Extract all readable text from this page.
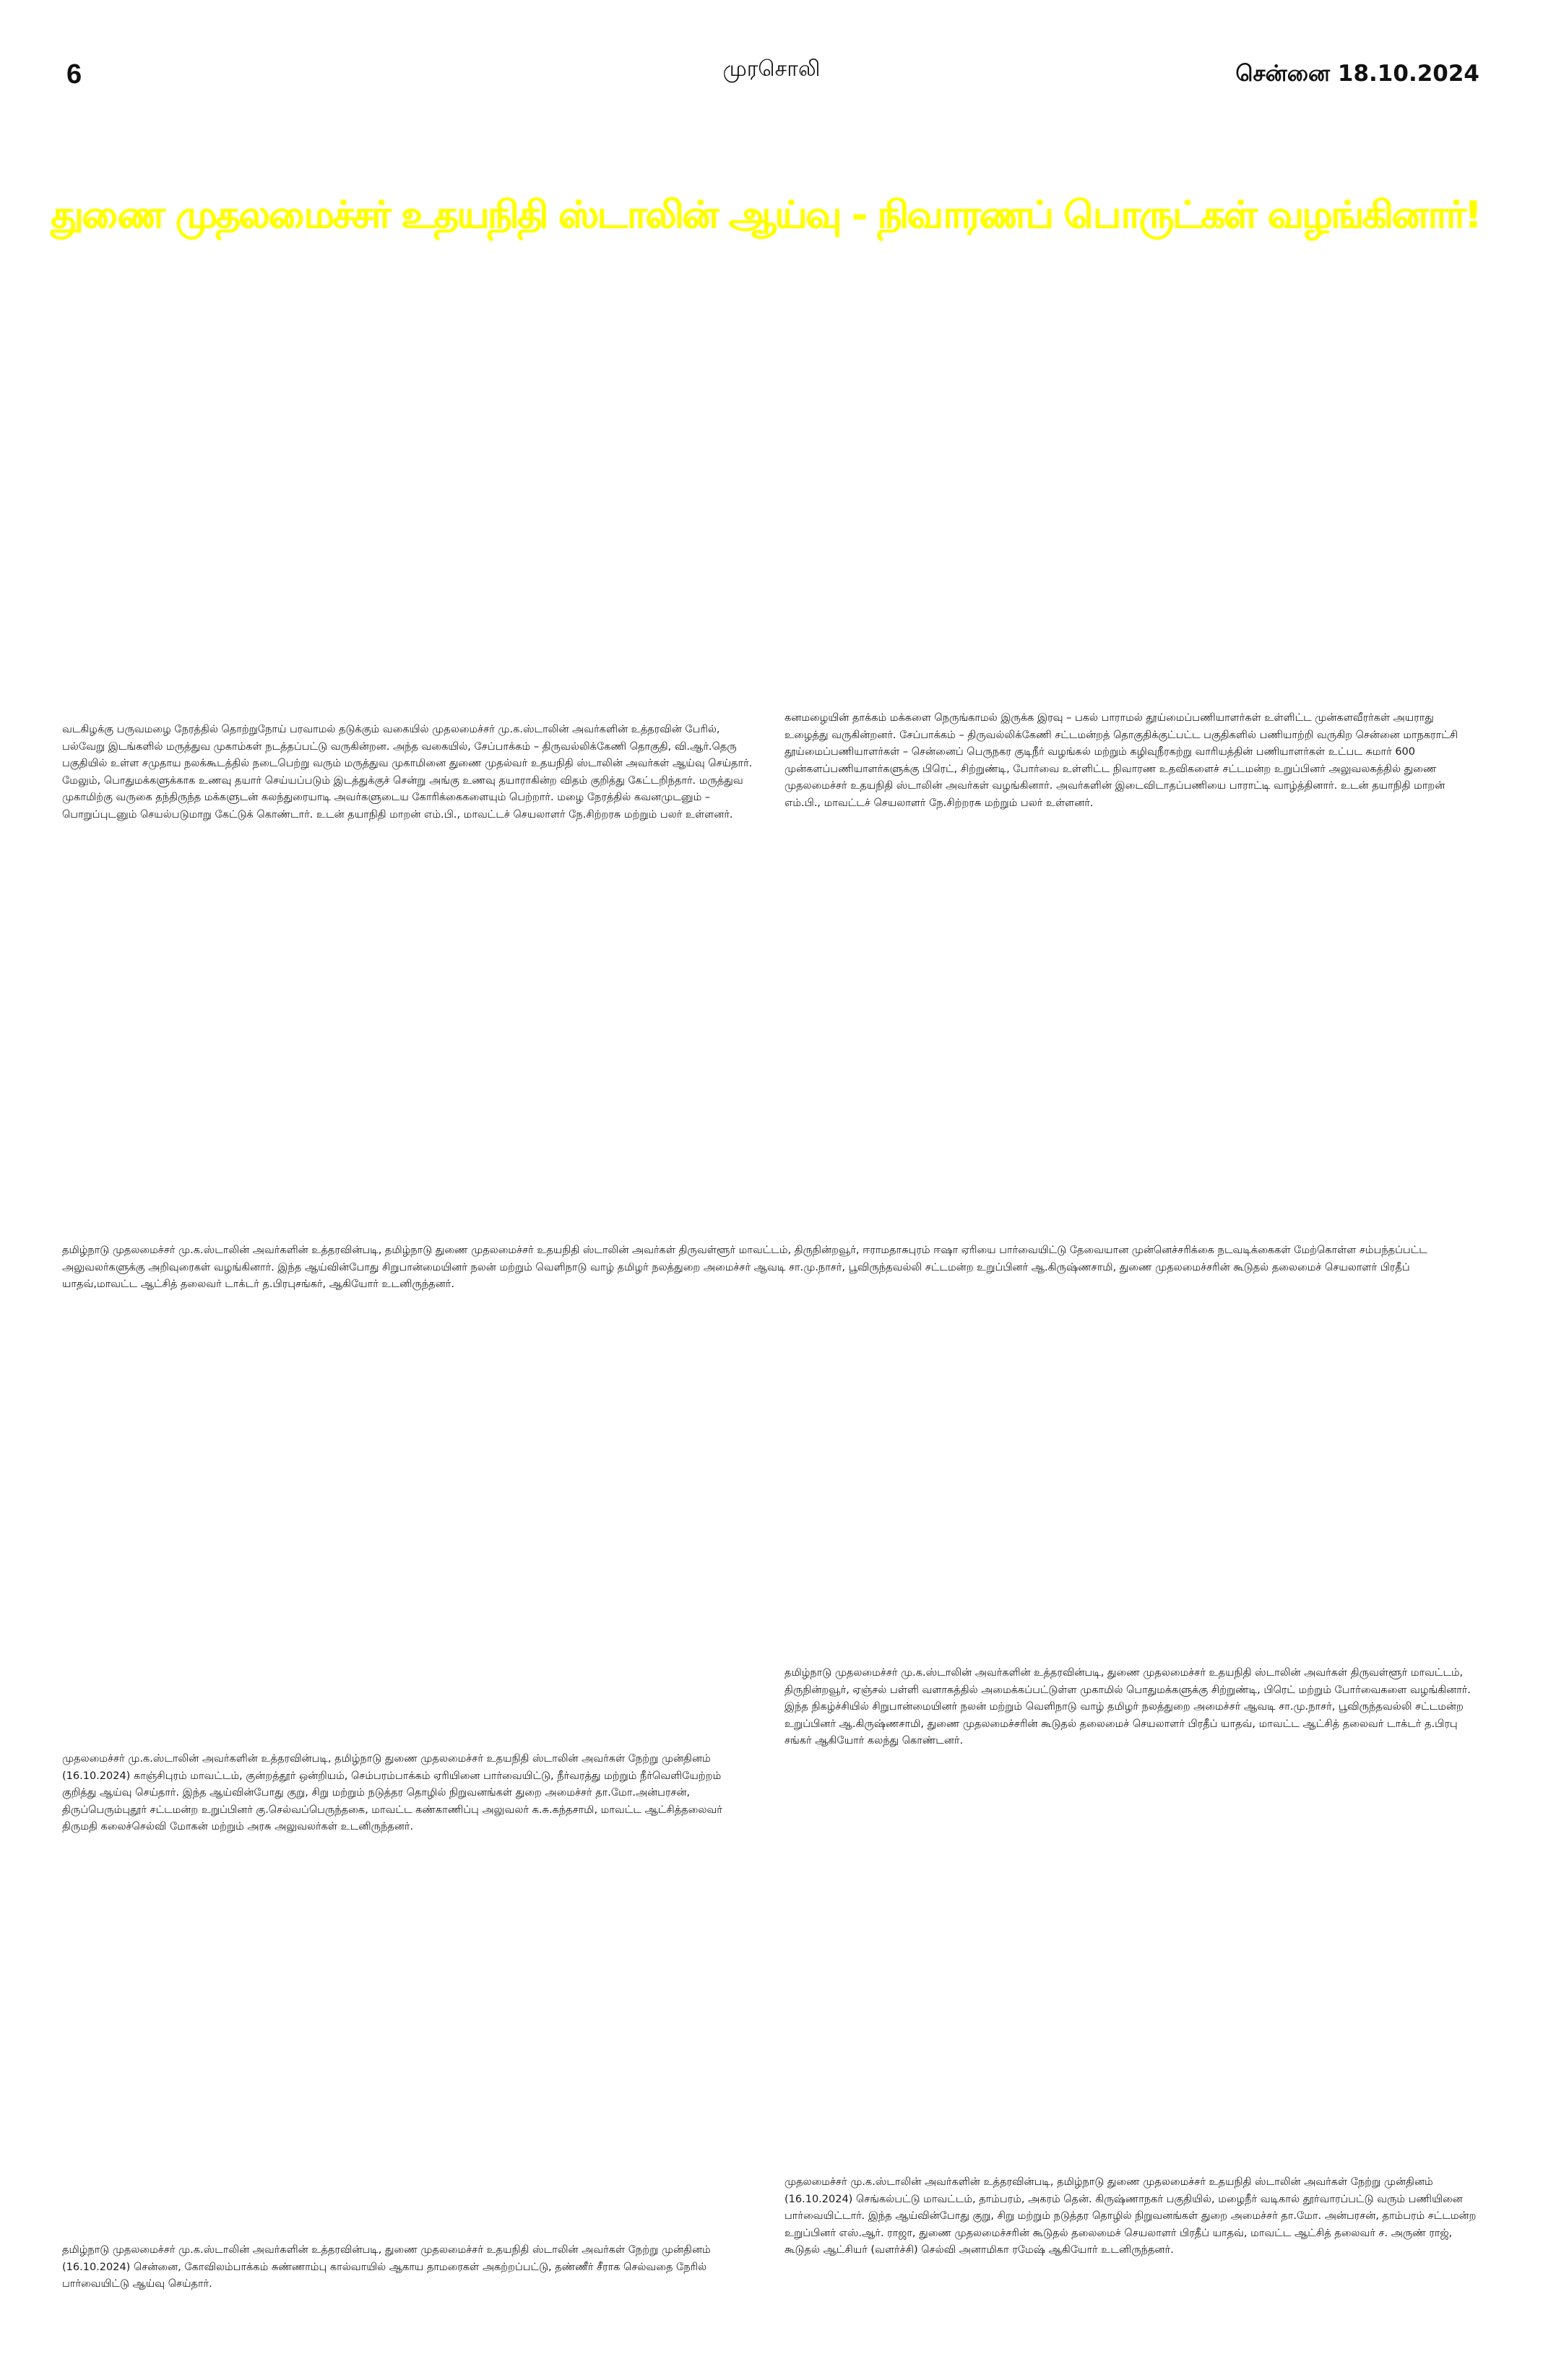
6	முரசொலி	சென்னை 18.10.2024
துணை முதலமைச்சர் உதயநிதி ஸ்டாலின் ஆய்வு - நிவாரணப் பொருட்கள் வழங்கினார்!

வடகிழக்கு பருவமழை நேரத்தில் தொற்றுநோய் பரவாமல் தடுக்கும் வகையில் முதலமைச்சர் மு.க.ஸ்டாலின் அவர்களின் உத்தரவின் பேரில், பல்வேறு இடங்களில் மருத்துவ முகாம்கள் நடத்தப்பட்டு வருகின்றன. அந்த வகையில், சேப்பாக்கம் – திருவல்லிக்கேணி தொகுதி, வி.ஆர்.தெரு பகுதியில் உள்ள சமுதாய நலக்கூடத்தில் நடைபெற்று வரும் மருத்துவ முகாமினை துணை முதல்வர் உதயநிதி ஸ்டாலின் அவர்கள் ஆய்வு செய்தார். மேலும், பொதுமக்களுக்காக உணவு தயார் செய்யப்படும் இடத்துக்குச் சென்று அங்கு உணவு தயாராகின்ற விதம் குறித்து கேட்டறிந்தார். மருத்துவ முகாமிற்கு வருகை தந்திருந்த மக்களுடன் கலந்துரையாடி அவர்களுடைய கோரிக்கைகளையும் பெற்றார். மழை நேரத்தில் கவனமுடனும் – பொறுப்புடனும் செயல்படுமாறு கேட்டுக் கொண்டார். உடன் தயாநிதி மாறன் எம்.பி., மாவட்டச் செயலாளர் நே.சிற்றரசு மற்றும் பலர் உள்ளனர்.

கனமழையின் தாக்கம் மக்களை நெருங்காமல் இருக்க இரவு – பகல் பாராமல் தூய்மைப்பணியாளர்கள் உள்ளிட்ட முன்களவீரர்கள் அயராது உழைத்து வருகின்றனர். சேப்பாக்கம் – திருவல்லிக்கேணி சட்டமன்றத் தொகுதிக்குட்பட்ட பகுதிகளில் பணியாற்றி வருகிற சென்னை மாநகராட்சி தூய்மைப்பணியாளர்கள் – சென்னைப் பெருநகர குடிநீர் வழங்கல் மற்றும் கழிவுநீரகற்று வாரியத்தின் பணியாளர்கள் உட்பட சுமார் 600 முன்களப்பணியாளர்களுக்கு பிரெட், சிற்றுண்டி, போர்வை உள்ளிட்ட நிவாரண உதவிகளைச் சட்டமன்ற உறுப்பினர் அலுவலகத்தில் துணை முதலமைச்சர் உதயநிதி ஸ்டாலின் அவர்கள் வழங்கினார். அவர்களின் இடைவிடாதப்பணியை பாராட்டி வாழ்த்தினார். உடன் தயாநிதி மாறன் எம்.பி., மாவட்டச் செயலாளர் நே.சிற்றரசு மற்றும் பலர் உள்ளனர்.

தமிழ்நாடு முதலமைச்சர் மு.க.ஸ்டாலின் அவர்களின் உத்தரவின்படி, தமிழ்நாடு துணை முதலமைச்சர் உதயநிதி ஸ்டாலின் அவர்கள் திருவள்ளூர் மாவட்டம், திருநின்றவூர், ஈராமதாசுபுரம் ஈஷா ஏரியை பார்வையிட்டு தேவையான முன்னெச்சரிக்கை நடவடிக்கைகள் மேற்கொள்ள சம்பந்தப்பட்ட அலுவலர்களுக்கு அறிவுரைகள் வழங்கினார். இந்த ஆய்வின்போது சிறுபான்மையினர் நலன் மற்றும் வெளிநாடு வாழ் தமிழர் நலத்துறை அமைச்சர் ஆவடி சா.மு.நாசர், பூவிருந்தவல்லி சட்டமன்ற உறுப்பினர் ஆ.கிருஷ்ணசாமி, துணை முதலமைச்சரின் கூடுதல் தலைமைச் செயலாளர் பிரதீப் யாதவ்,மாவட்ட ஆட்சித் தலைவர் டாக்டர் த.பிரபுசங்கர், ஆகியோர் உடனிருந்தனர்.

தமிழ்நாடு முதலமைச்சர் மு.க.ஸ்டாலின் அவர்களின் உத்தரவின்படி, துணை முதலமைச்சர் உதயநிதி ஸ்டாலின் அவர்கள் திருவள்ளூர் மாவட்டம், திருநின்றவூர், ஏஞ்சல் பள்ளி வளாகத்தில் அமைக்கப்பட்டுள்ள முகாமில் பொதுமக்களுக்கு சிற்றுண்டி, பிரெட் மற்றும் போர்வைகளை வழங்கினார். இந்த நிகழ்ச்சியில் சிறுபான்மையினர் நலன் மற்றும் வெளிநாடு வாழ் தமிழர் நலத்துறை அமைச்சர் ஆவடி சா.மு.நாசர், பூவிருந்தவல்லி சட்டமன்ற உறுப்பினர் ஆ.கிருஷ்ணசாமி, துணை முதலமைச்சரின் கூடுதல் தலைமைச் செயலாளர் பிரதீப் யாதவ், மாவட்ட ஆட்சித் தலைவர் டாக்டர் த.பிரபு சங்கர் ஆகியோர் கலந்து கொண்டனர்.

முதலமைச்சர் மு.க.ஸ்டாலின் அவர்களின் உத்தரவின்படி, தமிழ்நாடு துணை முதலமைச்சர் உதயநிதி ஸ்டாலின் அவர்கள் நேற்று முன்தினம் (16.10.2024) காஞ்சிபுரம் மாவட்டம், குன்றத்தூர் ஒன்றியம், செம்பரம்பாக்கம் ஏரியினை பார்வையிட்டு, நீர்வரத்து மற்றும் நீர்வெளியேற்றம் குறித்து ஆய்வு செய்தார். இந்த ஆய்வின்போது குறு, சிறு மற்றும் நடுத்தர தொழில் நிறுவனங்கள் துறை அமைச்சர் தா.மோ.அன்பரசன், திருப்பெரும்புதூர் சட்டமன்ற உறுப்பினர் கு.செல்வப்பெருந்தகை, மாவட்ட கண்காணிப்பு அலுவலர் க.சு.கந்தசாமி, மாவட்ட ஆட்சித்தலைவர் திருமதி கலைச்செல்வி மோகன் மற்றும் அரசு அலுவலர்கள் உடனிருந்தனர்.

முதலமைச்சர் மு.க.ஸ்டாலின் அவர்களின் உத்தரவின்படி, தமிழ்நாடு துணை முதலமைச்சர் உதயநிதி ஸ்டாலின் அவர்கள் நேற்று முன்தினம் (16.10.2024) செங்கல்பட்டு மாவட்டம், தாம்பரம், அகரம் தென். கிருஷ்ணாநகர் பகுதியில், மழைநீர் வடிகால் தூர்வாரப்பட்டு வரும் பணியினை பார்வையிட்டார். இந்த ஆய்வின்போது குறு, சிறு மற்றும் நடுத்தர தொழில் நிறுவனங்கள் துறை அமைச்சர் தா.மோ. அன்பரசன், தாம்பரம் சட்டமன்ற உறுப்பினர் எஸ்.ஆர். ராஜா, துணை முதலமைச்சரின் கூடுதல் தலைமைச் செயலாளர் பிரதீப் யாதவ், மாவட்ட ஆட்சித் தலைவர் ச. அருண் ராஜ், கூடுதல் ஆட்சியர் (வளர்ச்சி) செல்வி அனாமிகா ரமேஷ் ஆகியோர் உடனிருந்தனர்.

தமிழ்நாடு முதலமைச்சர் மு.க.ஸ்டாலின் அவர்களின் உத்தரவின்படி, துணை முதலமைச்சர் உதயநிதி ஸ்டாலின் அவர்கள் நேற்று முன்தினம் (16.10.2024) சென்னை, கோவிலம்பாக்கம் சுண்ணாம்பு கால்வாயில் ஆகாய தாமரைகள் அகற்றப்பட்டு, தண்ணீர் சீராக செல்வதை நேரில் பார்வையிட்டு ஆய்வு செய்தார்.
